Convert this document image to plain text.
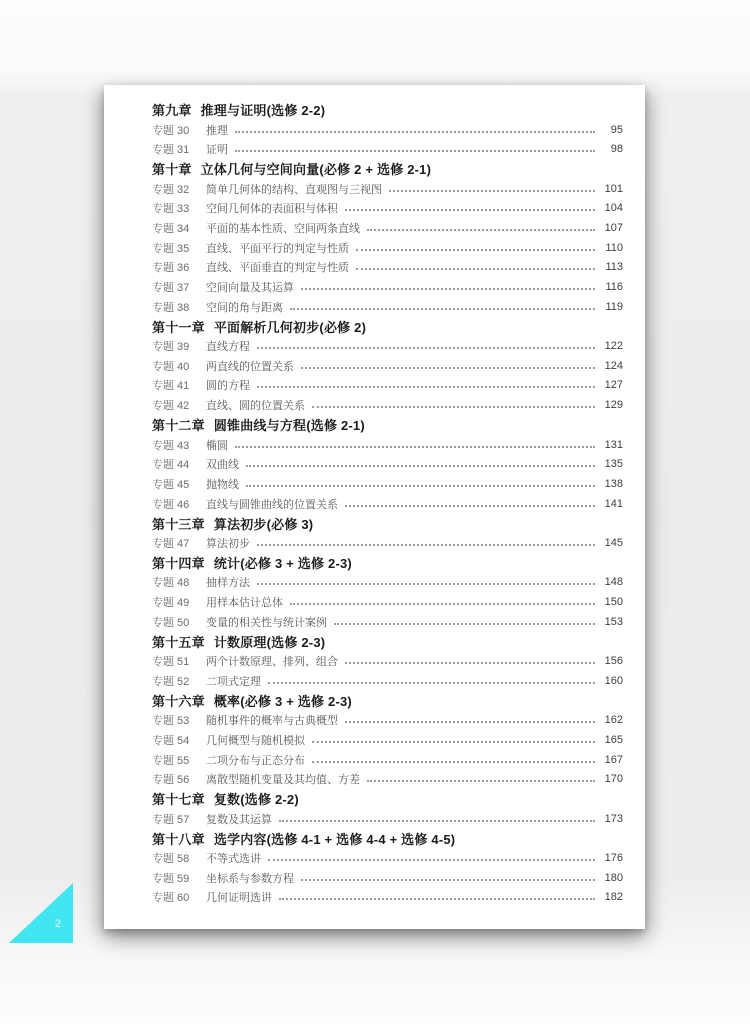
第九章 推理与证明(选修 2-2)
专题 30	推理	95
专题 31	证明	98
第十章 立体几何与空间向量(必修 2 + 选修 2-1)
专题 32	简单几何体的结构、直观图与三视图	101
专题 33	空间几何体的表面积与体积	104
专题 34	平面的基本性质、空间两条直线	107
专题 35	直线、平面平行的判定与性质	110
专题 36	直线、平面垂直的判定与性质	113
专题 37	空间向量及其运算	116
专题 38	空间的角与距离	119
第十一章 平面解析几何初步(必修 2)
专题 39	直线方程	122
专题 40	两直线的位置关系	124
专题 41	圆的方程	127
专题 42	直线、圆的位置关系	129
第十二章 圆锥曲线与方程(选修 2-1)
专题 43	椭圆	131
专题 44	双曲线	135
专题 45	抛物线	138
专题 46	直线与圆锥曲线的位置关系	141
第十三章 算法初步(必修 3)
专题 47	算法初步	145
第十四章 统计(必修 3 + 选修 2-3)
专题 48	抽样方法	148
专题 49	用样本估计总体	150
专题 50	变量的相关性与统计案例	153
第十五章 计数原理(选修 2-3)
专题 51	两个计数原理、排列、组合	156
专题 52	二项式定理	160
第十六章 概率(必修 3 + 选修 2-3)
专题 53	随机事件的概率与古典概型	162
专题 54	几何概型与随机模拟	165
专题 55	二项分布与正态分布	167
专题 56	离散型随机变量及其均值、方差	170
第十七章 复数(选修 2-2)
专题 57	复数及其运算	173
第十八章 选学内容(选修 4-1 + 选修 4-4 + 选修 4-5)
专题 58	不等式选讲	176
专题 59	坐标系与参数方程	180
专题 60	几何证明选讲	182
2
